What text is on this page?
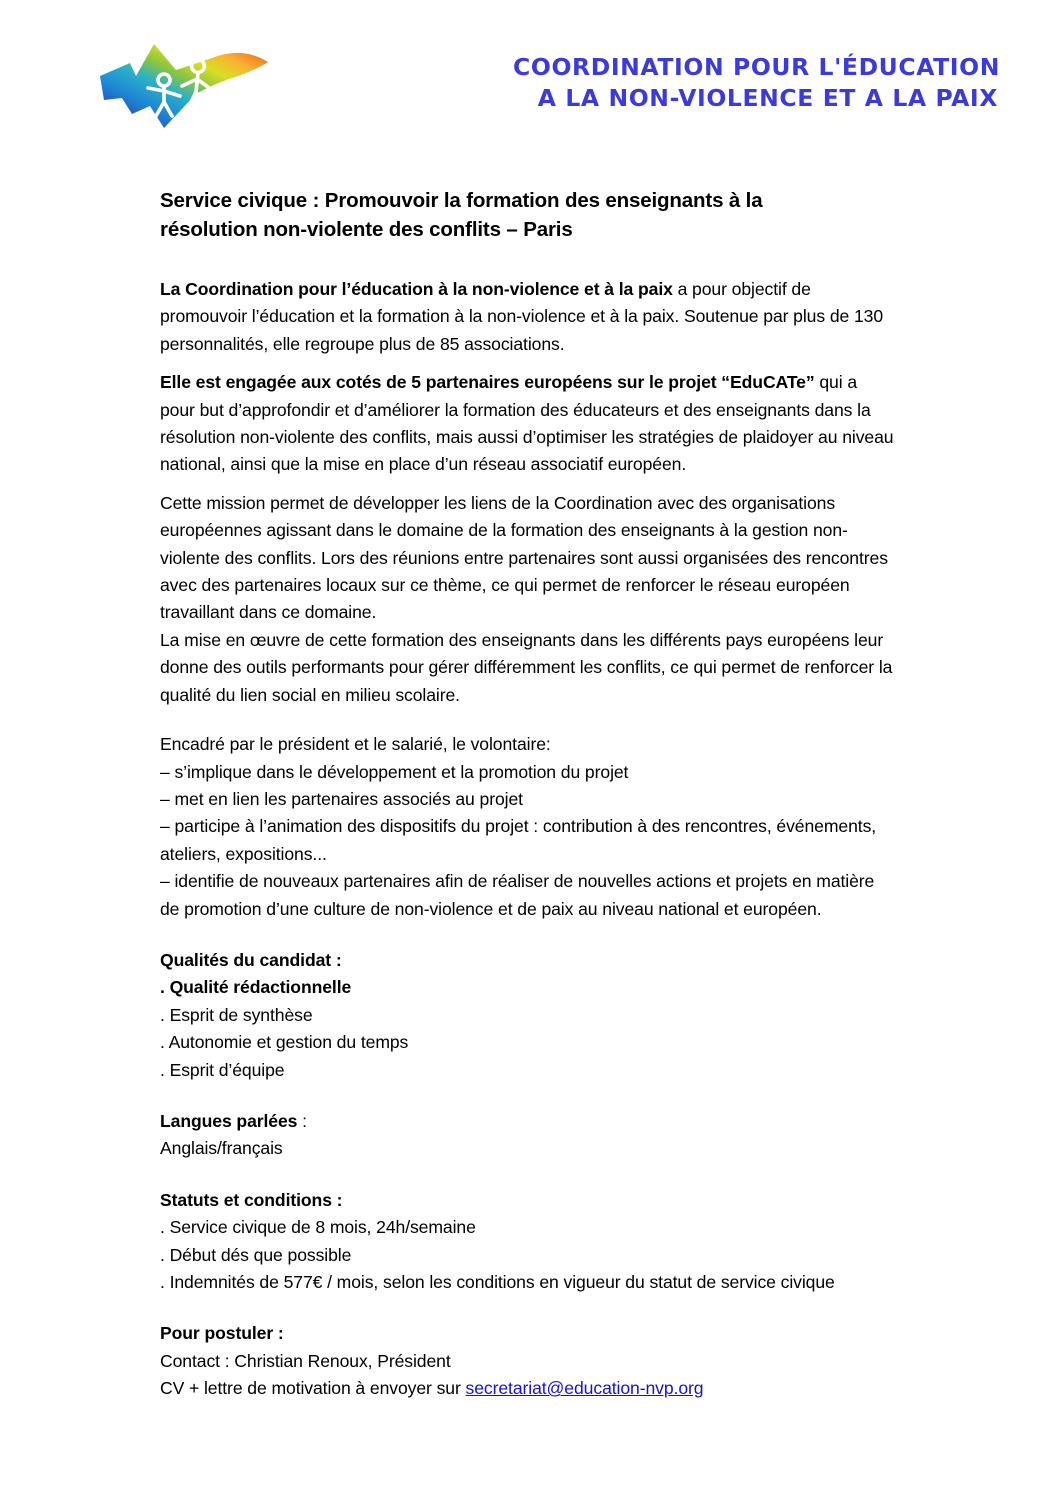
COORDINATION POUR L'ÉDUCATION
A LA NON-VIOLENCE ET A LA PAIX
Service civique : Promouvoir la formation des enseignants à la résolution non-violente des conflits – Paris

La Coordination pour l’éducation à la non-violence et à la paix a pour objectif de promouvoir l’éducation et la formation à la non-violence et à la paix. Soutenue par plus de 130 personnalités, elle regroupe plus de 85 associations.

Elle est engagée aux cotés de 5 partenaires européens sur le projet “EduCATe” qui a pour but d’approfondir et d’améliorer la formation des éducateurs et des enseignants dans la résolution non-violente des conflits, mais aussi d’optimiser les stratégies de plaidoyer au niveau national, ainsi que la mise en place d’un réseau associatif européen.

Cette mission permet de développer les liens de la Coordination avec des organisations européennes agissant dans le domaine de la formation des enseignants à la gestion non-violente des conflits. Lors des réunions entre partenaires sont aussi organisées des rencontres avec des partenaires locaux sur ce thème, ce qui permet de renforcer le réseau européen travaillant dans ce domaine.

La mise en œuvre de cette formation des enseignants dans les différents pays européens leur donne des outils performants pour gérer différemment les conflits, ce qui permet de renforcer la qualité du lien social en milieu scolaire.

Encadré par le président et le salarié, le volontaire:
– s’implique dans le développement et la promotion du projet
– met en lien les partenaires associés au projet
– participe à l’animation des dispositifs du projet : contribution à des rencontres, événements, ateliers, expositions...
– identifie de nouveaux partenaires afin de réaliser de nouvelles actions et projets en matière de promotion d’une culture de non-violence et de paix au niveau national et européen.
Qualités du candidat :
. Qualité rédactionnelle
. Esprit de synthèse
. Autonomie et gestion du temps
. Esprit d’équipe
Langues parlées :
Anglais/français
Statuts et conditions :
. Service civique de 8 mois, 24h/semaine
. Début dés que possible
. Indemnités de 577€ / mois, selon les conditions en vigueur du statut de service civique
Pour postuler :
Contact : Christian Renoux, Président
CV + lettre de motivation à envoyer sur secretariat@education-nvp.org
